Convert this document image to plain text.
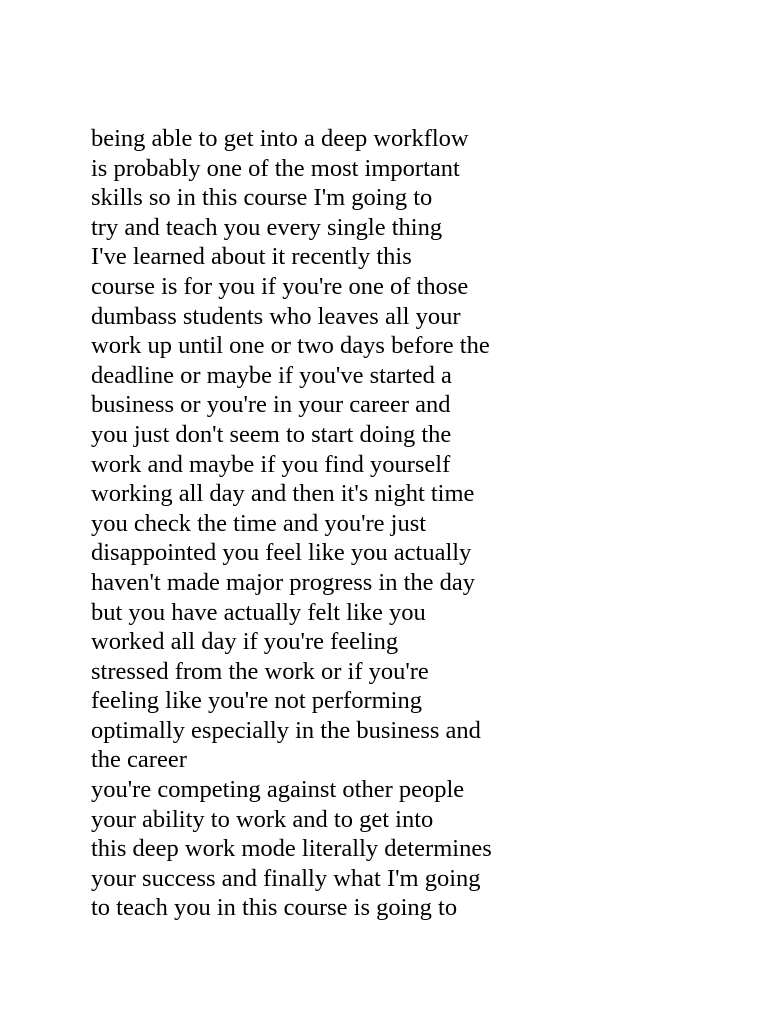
being able to get into a deep workflow
is probably one of the most important
skills so in this course I'm going to
try and teach you every single thing
I've learned about it recently this
course is for you if you're one of those
dumbass students who leaves all your
work up until one or two days before the
deadline or maybe if you've started a
business or you're in your career and
you just don't seem to start doing the
work and maybe if you find yourself
working all day and then it's night time
you check the time and you're just
disappointed you feel like you actually
haven't made major progress in the day
but you have actually felt like you
worked all day if you're feeling
stressed from the work or if you're
feeling like you're not performing
optimally especially in the business and
the career
you're competing against other people
your ability to work and to get into
this deep work mode literally determines
your success and finally what I'm going
to teach you in this course is going to
